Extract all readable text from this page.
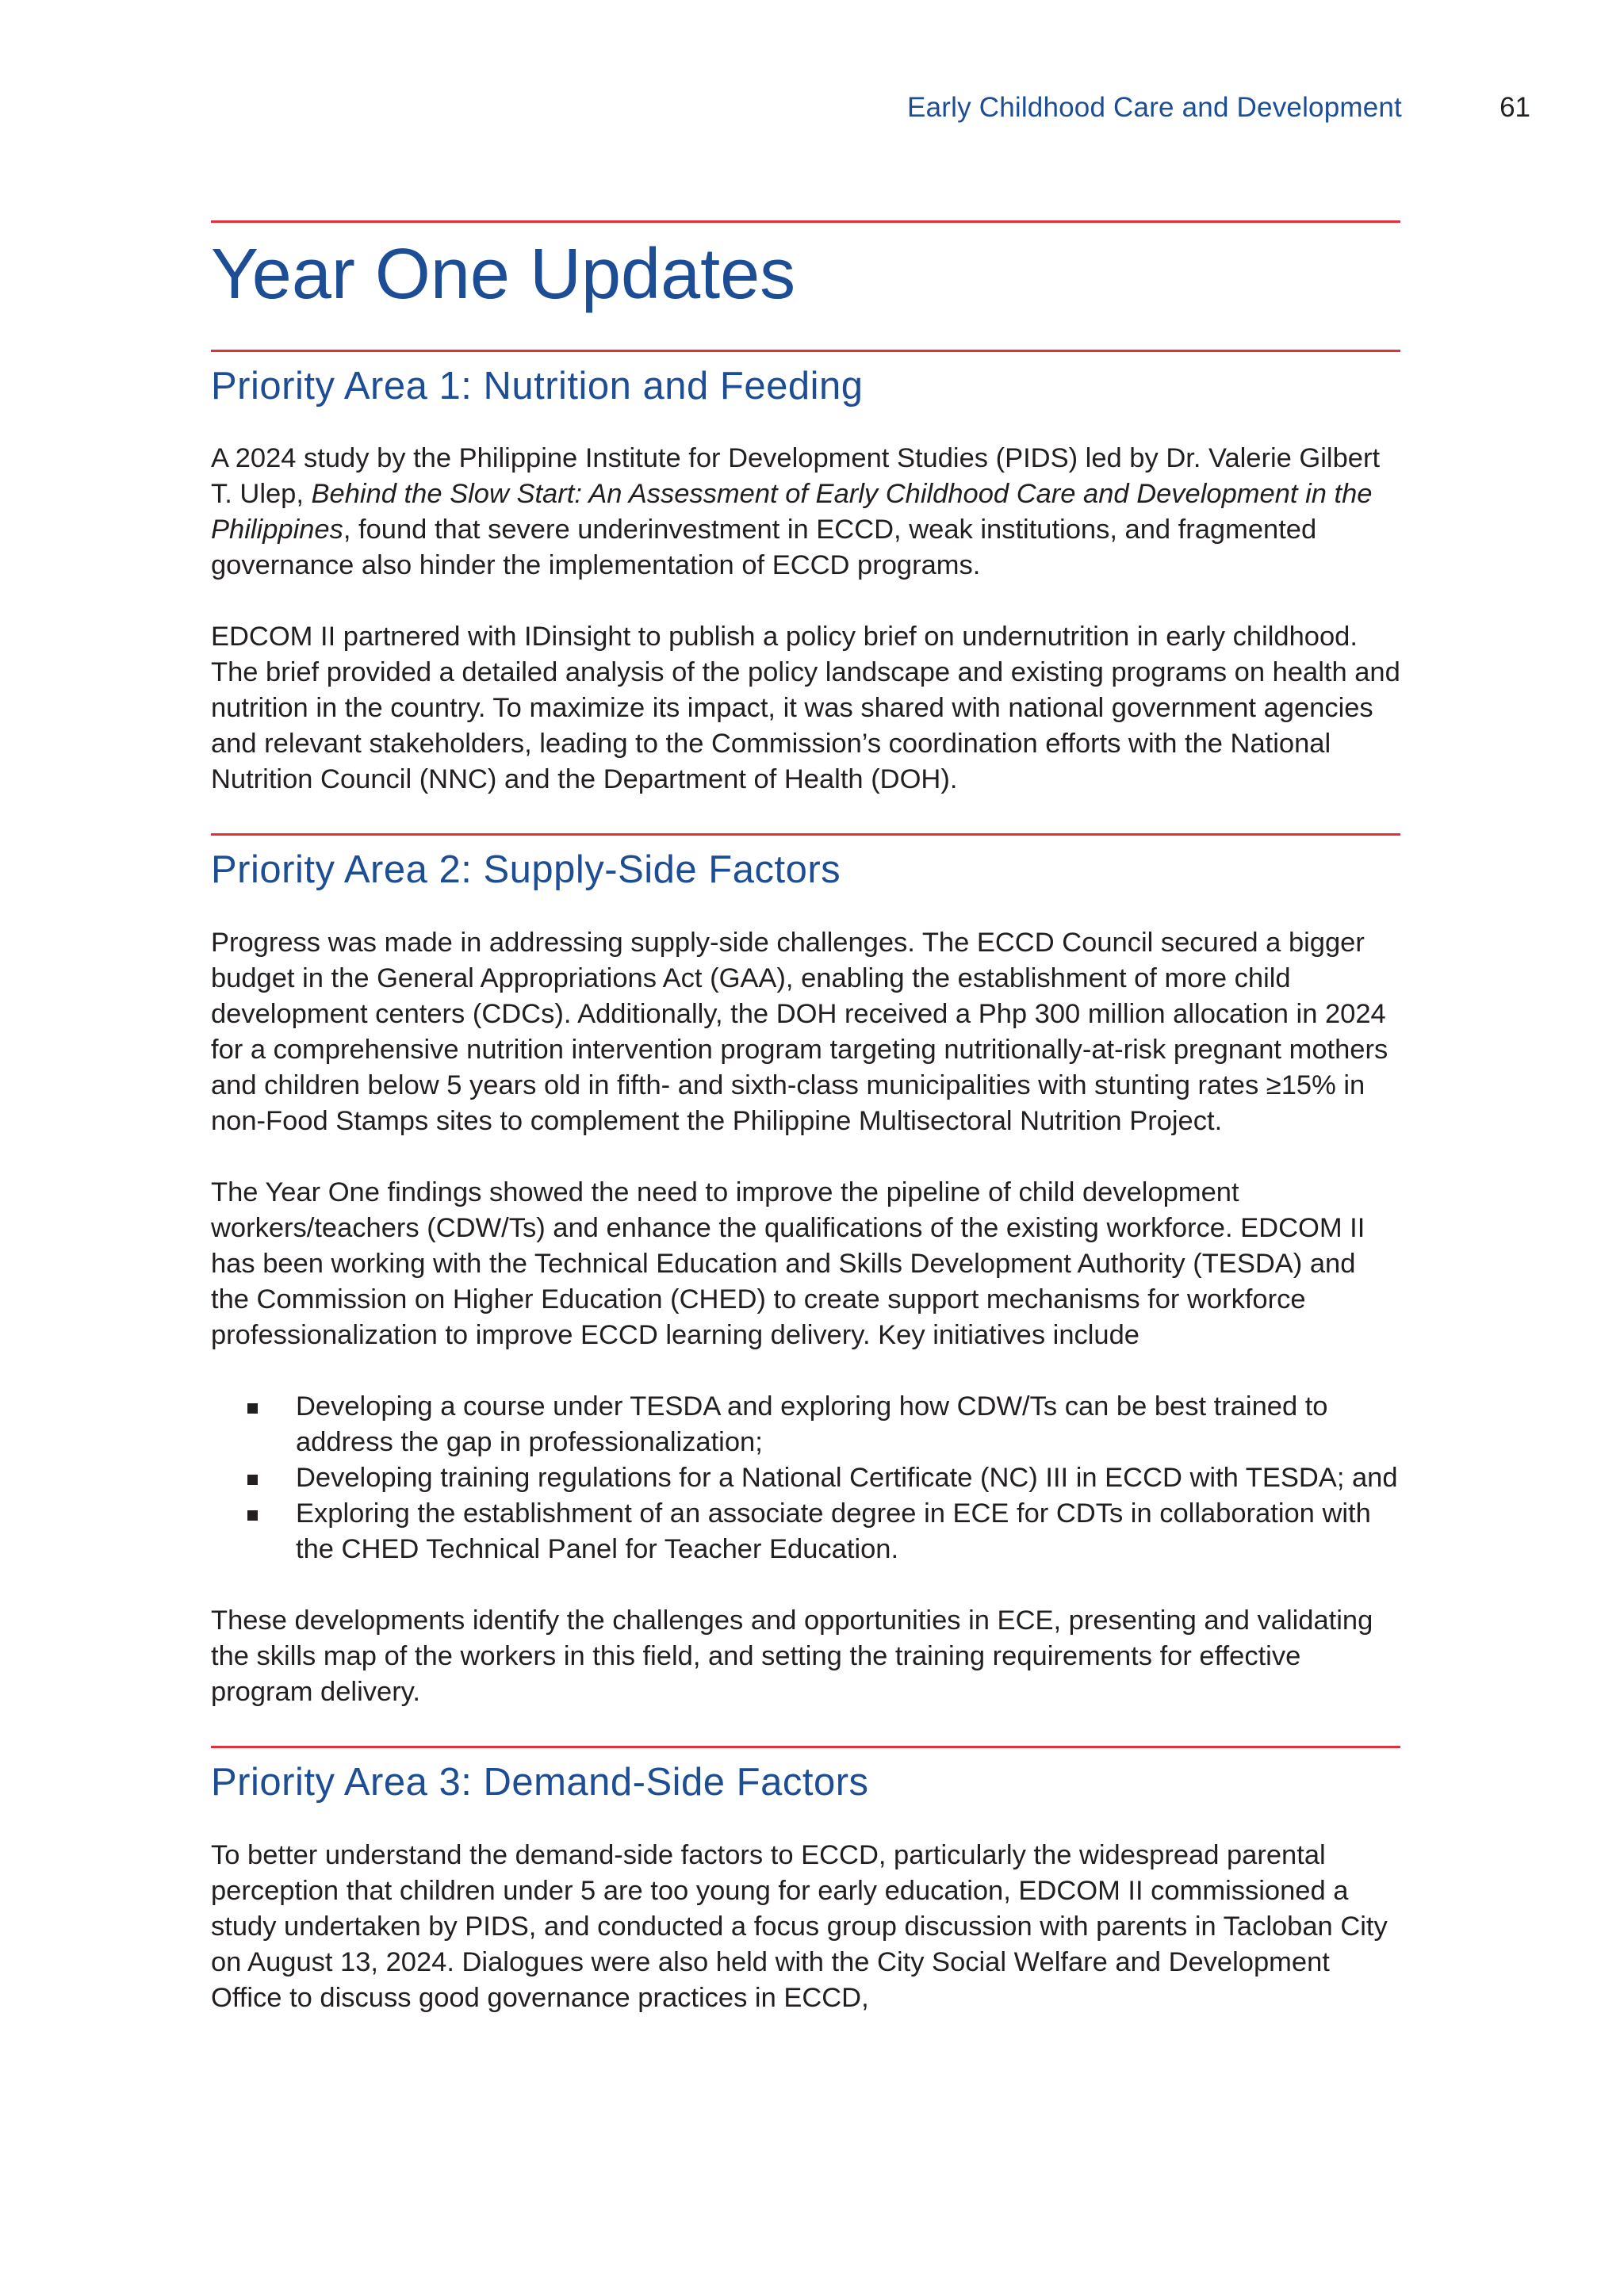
Early Childhood Care and Development	61
Year One Updates
Priority Area 1: Nutrition and Feeding

A 2024 study by the Philippine Institute for Development Studies (PIDS) led by Dr. Valerie Gilbert T. Ulep, Behind the Slow Start: An Assessment of Early Childhood Care and Development in the Philippines, found that severe underinvestment in ECCD, weak institutions, and fragmented governance also hinder the implementation of ECCD programs.

EDCOM II partnered with IDinsight to publish a policy brief on undernutrition in early childhood. The brief provided a detailed analysis of the policy landscape and existing programs on health and nutrition in the country. To maximize its impact, it was shared with national government agencies and relevant stakeholders, leading to the Commission’s coordination efforts with the National Nutrition Council (NNC) and the Department of Health (DOH).

Priority Area 2: Supply-Side Factors

Progress was made in addressing supply-side challenges. The ECCD Council secured a bigger budget in the General Appropriations Act (GAA), enabling the establishment of more child development centers (CDCs). Additionally, the DOH received a Php 300 million allocation in 2024 for a comprehensive nutrition intervention program targeting nutritionally-at-risk pregnant mothers and children below 5 years old in fifth- and sixth-class municipalities with stunting rates ≥15% in non-Food Stamps sites to complement the Philippine Multisectoral Nutrition Project.

The Year One findings showed the need to improve the pipeline of child development workers/teachers (CDW/Ts) and enhance the qualifications of the existing workforce. EDCOM II has been working with the Technical Education and Skills Development Authority (TESDA) and the Commission on Higher Education (CHED) to create support mechanisms for workforce professionalization to improve ECCD learning delivery. Key initiatives include

Developing a course under TESDA and exploring how CDW/Ts can be best trained to address the gap in professionalization;
Developing training regulations for a National Certificate (NC) III in ECCD with TESDA; and
Exploring the establishment of an associate degree in ECE for CDTs in collaboration with the CHED Technical Panel for Teacher Education.

These developments identify the challenges and opportunities in ECE, presenting and validating the skills map of the workers in this field, and setting the training requirements for effective program delivery.

Priority Area 3: Demand-Side Factors

To better understand the demand-side factors to ECCD, particularly the widespread parental perception that children under 5 are too young for early education, EDCOM II commissioned a study undertaken by PIDS, and conducted a focus group discussion with parents in Tacloban City on August 13, 2024. Dialogues were also held with the City Social Welfare and Development Office to discuss good governance practices in ECCD,
